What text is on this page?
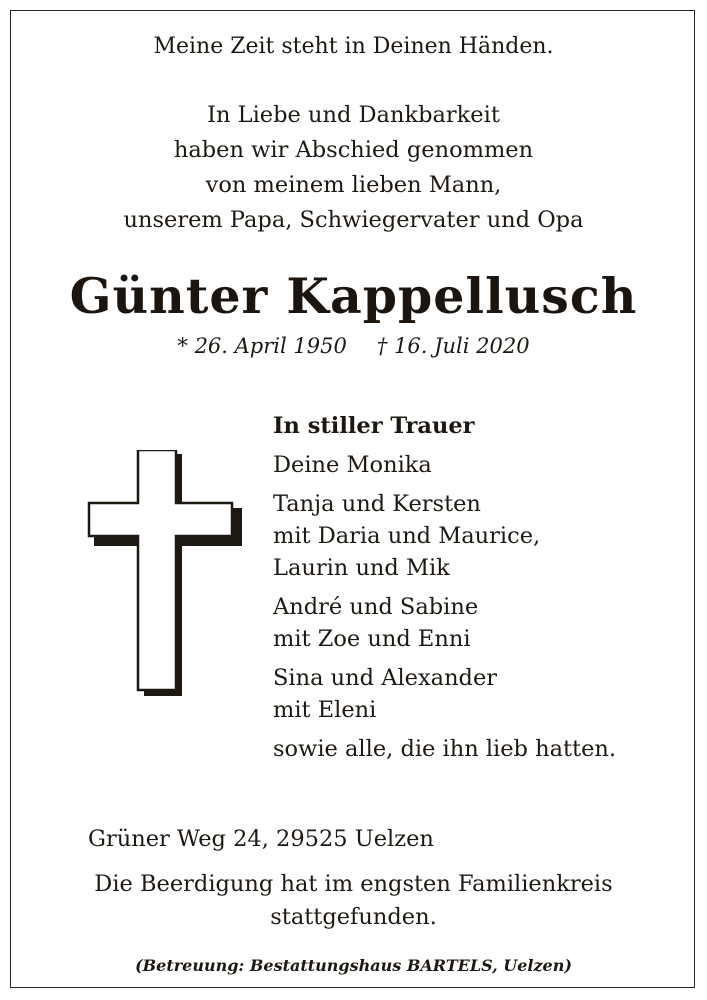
Meine Zeit steht in Deinen Händen.
In Liebe und Dankbarkeit
haben wir Abschied genommen
von meinem lieben Mann,
unserem Papa, Schwiegervater und Opa
Günter Kappellusch
* 26. April 1950 † 16. Juli 2020
In stiller Trauer
Deine Monika
Tanja und Kersten
mit Daria und Maurice,
Laurin und Mik
André und Sabine
mit Zoe und Enni
Sina und Alexander
mit Eleni
sowie alle, die ihn lieb hatten.
Grüner Weg 24, 29525 Uelzen
Die Beerdigung hat im engsten Familienkreis
stattgefunden.
(Betreuung: Bestattungshaus BARTELS, Uelzen)
